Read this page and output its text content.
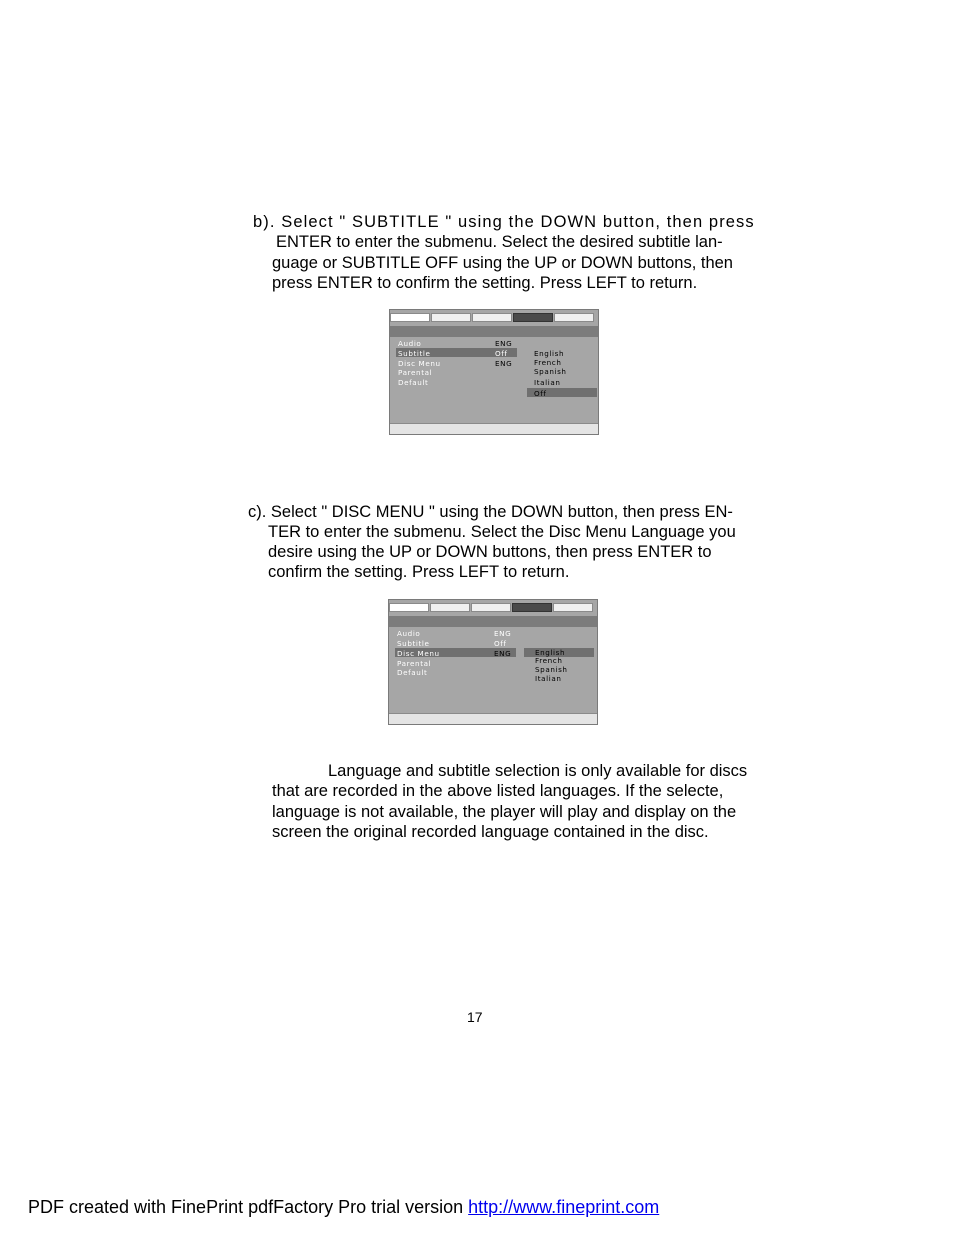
b). Select " SUBTITLE " using the DOWN button, then press
ENTER to enter the submenu. Select the desired subtitle lan-
guage or SUBTITLE OFF using the UP or DOWN buttons, then
press ENTER to confirm the setting. Press LEFT to return.
Audio
Subtitle
Disc Menu
Parental
Default
ENG
Off
ENG
English
French
Spanish
Italian
Off
c). Select " DISC MENU " using the DOWN button, then press EN-
TER to enter the submenu. Select the Disc Menu Language you
desire using the UP or DOWN buttons, then press ENTER to
confirm the setting. Press LEFT to return.
Audio
Subtitle
Disc Menu
Parental
Default
ENG
Off
ENG	English
French
Spanish
Italian
Language and subtitle selection is only available for discs
that are recorded in the above listed languages. If the selecte,
language is not available, the player will play and display on the
screen the original recorded language contained in the disc.
17
PDF created with FinePrint pdfFactory Pro trial version http://www.fineprint.com
